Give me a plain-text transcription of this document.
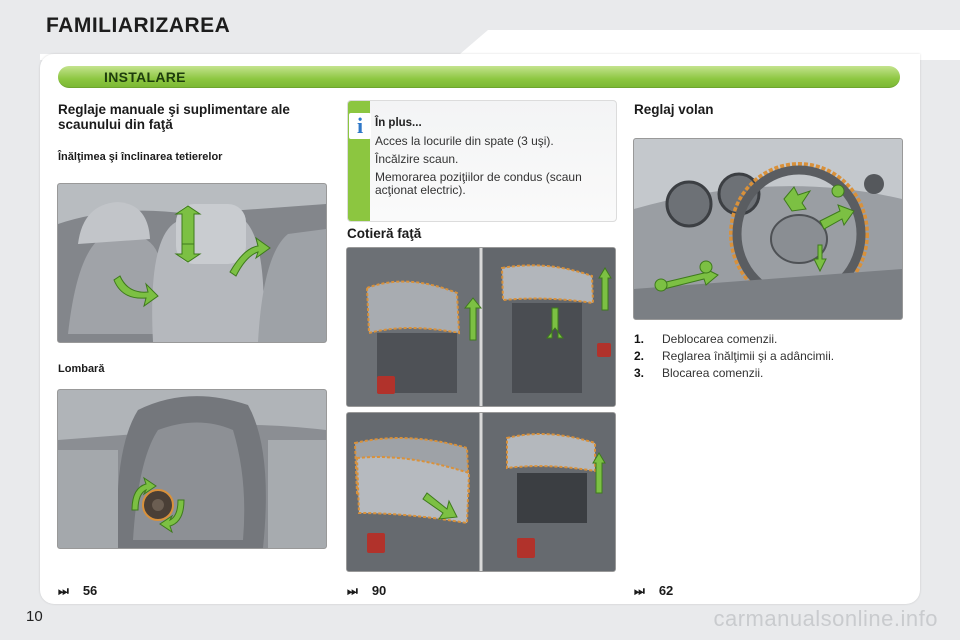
FAMILIARIZAREA
INSTALARE
Reglaje manuale şi suplimentare ale scaunului din faţă
Înălţimea şi înclinarea tetierelor
Lombară
⏭ 56
i	În plus...
Acces la locurile din spate (3 uşi).
Încălzire scaun.
Memorarea poziţiilor de condus (scaun acţionat electric).
Cotieră faţă
⏭ 90
Reglaj volan
1. Deblocarea comenzii.
2. Reglarea înălţimii şi a adâncimii.
3. Blocarea comenzii.
⏭ 62
10	carmanualsonline.info
